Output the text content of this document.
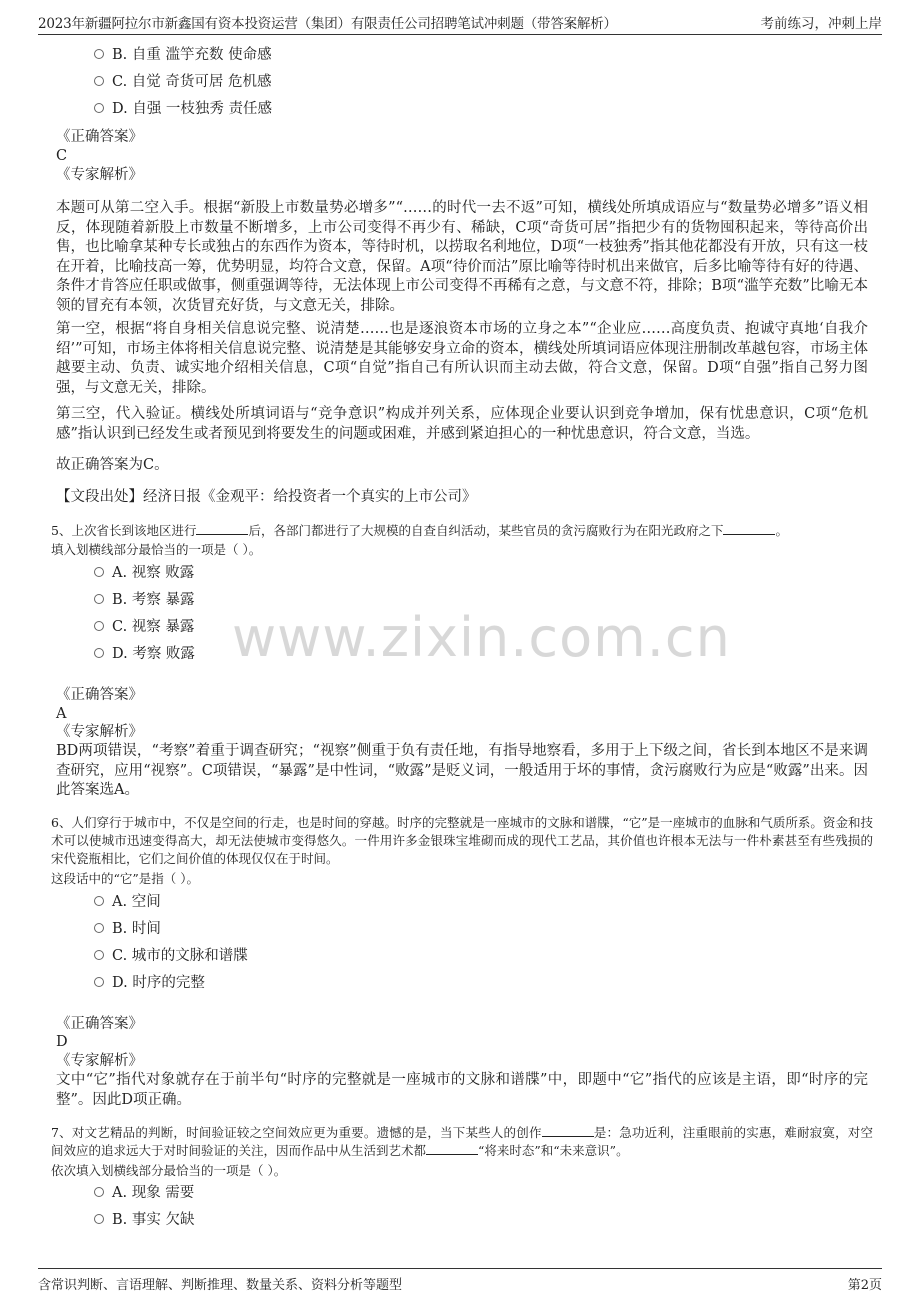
2023年新疆阿拉尔市新鑫国有资本投资运营（集团）有限责任公司招聘笔试冲刺题（带答案解析）	考前练习，冲刺上岸
B. 自重 滥竽充数 使命感
C. 自觉 奇货可居 危机感
D. 自强 一枝独秀 责任感
《正确答案》
C
《专家解析》
本题可从第二空入手。根据“新股上市数量势必增多”“……的时代一去不返”可知，横线处所填成语应与“数量势必增多”语义相反，体现随着新股上市数量不断增多，上市公司变得不再少有、稀缺，C项“奇货可居”指把少有的货物囤积起来，等待高价出售，也比喻拿某种专长或独占的东西作为资本，等待时机，以捞取名利地位，D项“一枝独秀”指其他花都没有开放，只有这一枝在开着，比喻技高一筹，优势明显，均符合文意，保留。A项“待价而沽”原比喻等待时机出来做官，后多比喻等待有好的待遇、条件才肯答应任职或做事，侧重强调等待，无法体现上市公司变得不再稀有之意，与文意不符，排除；B项“滥竽充数”比喻无本领的冒充有本领，次货冒充好货，与文意无关，排除。
第一空，根据“将自身相关信息说完整、说清楚……也是逐浪资本市场的立身之本”“企业应……高度负责、抱诚守真地‘自我介绍’”可知，市场主体将相关信息说完整、说清楚是其能够安身立命的资本，横线处所填词语应体现注册制改革越包容，市场主体越要主动、负责、诚实地介绍相关信息，C项“自觉”指自己有所认识而主动去做，符合文意，保留。D项“自强”指自己努力图强，与文意无关，排除。
第三空，代入验证。横线处所填词语与“竞争意识”构成并列关系，应体现企业要认识到竞争增加，保有忧患意识，C项“危机感”指认识到已经发生或者预见到将要发生的问题或困难，并感到紧迫担心的一种忧患意识，符合文意，当选。
故正确答案为C。
【文段出处】经济日报《金观平：给投资者一个真实的上市公司》
5、上次省长到该地区进行	后，各部门都进行了大规模的自查自纠活动，某些官员的贪污腐败行为在阳光政府之下	。
填入划横线部分最恰当的一项是（ ）。
A. 视察 败露
B. 考察 暴露
C. 视察 暴露
D. 考察 败露 www.zixin.com.cn
《正确答案》
A
《专家解析》
BD两项错误，“考察”着重于调查研究；“视察”侧重于负有责任地，有指导地察看，多用于上下级之间，省长到本地区不是来调查研究，应用“视察”。C项错误，“暴露”是中性词，“败露”是贬义词，一般适用于坏的事情，贪污腐败行为应是“败露”出来。因此答案选A。
6、人们穿行于城市中，不仅是空间的行走，也是时间的穿越。时序的完整就是一座城市的文脉和谱牒，“它”是一座城市的血脉和气质所系。资金和技术可以使城市迅速变得高大，却无法使城市变得悠久。一件用许多金银珠宝堆砌而成的现代工艺品，其价值也许根本无法与一件朴素甚至有些残损的宋代瓷瓶相比，它们之间价值的体现仅仅在于时间。
这段话中的“它”是指（ ）。
A. 空间
B. 时间
C. 城市的文脉和谱牒
D. 时序的完整
《正确答案》
D
《专家解析》
文中“它”指代对象就存在于前半句“时序的完整就是一座城市的文脉和谱牒”中，即题中“它”指代的应该是主语，即“时序的完整”。因此D项正确。
7、对文艺精品的判断，时间验证较之空间效应更为重要。遗憾的是，当下某些人的创作	是：急功近利，注重眼前的实惠，难耐寂寞，对空间效应的追求远大于对时间验证的关注，因而作品中从生活到艺术都	“将来时态”和“未来意识”。
依次填入划横线部分最恰当的一项是（ ）。
A. 现象 需要
B. 事实 欠缺
含常识判断、言语理解、判断推理、数量关系、资料分析等题型	第2页
